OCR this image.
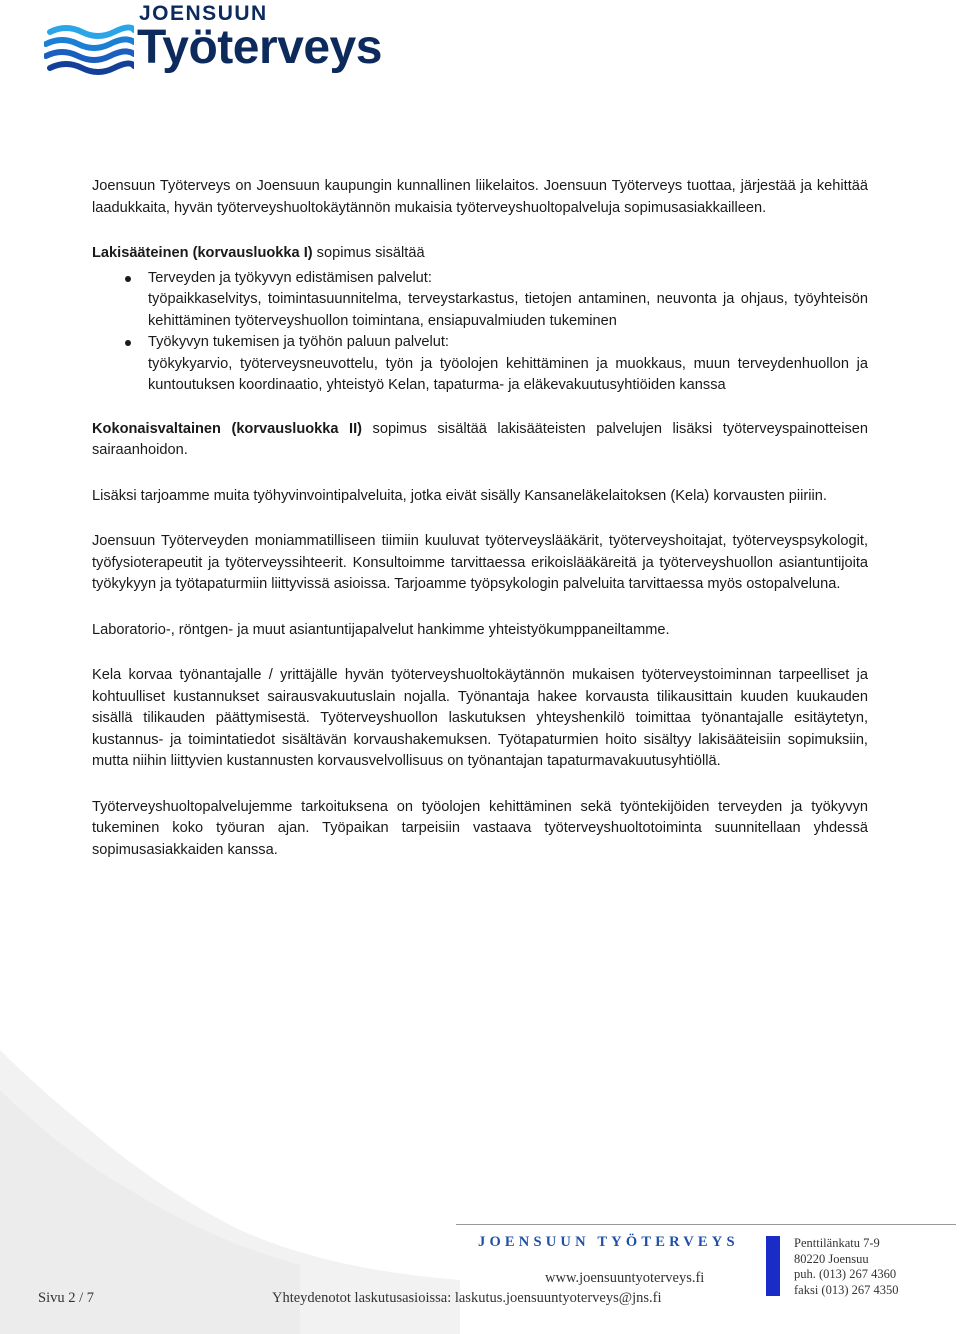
JOENSUUN
Työterveys

Joensuun Työterveys on Joensuun kaupungin kunnallinen liikelaitos. Joensuun Työterveys tuottaa, järjestää ja kehittää laadukkaita, hyvän työterveyshuoltokäytännön mukaisia työterveyshuoltopalveluja sopimusasiakkailleen.

Lakisääteinen (korvausluokka I) sopimus sisältää

Terveyden ja työkyvyn edistämisen palvelut:
työpaikkaselvitys, toimintasuunnitelma, terveystarkastus, tietojen antaminen, neuvonta ja ohjaus, työyhteisön kehittäminen työterveyshuollon toimintana, ensiapuvalmiuden tukeminen
Työkyvyn tukemisen ja työhön paluun palvelut:
työkykyarvio, työterveysneuvottelu, työn ja työolojen kehittäminen ja muokkaus, muun terveydenhuollon ja kuntoutuksen koordinaatio, yhteistyö Kelan, tapaturma- ja eläkevakuutusyhtiöiden kanssa

Kokonaisvaltainen (korvausluokka II) sopimus sisältää lakisääteisten palvelujen lisäksi työterveyspainotteisen sairaanhoidon.

Lisäksi tarjoamme muita työhyvinvointipalveluita, jotka eivät sisälly Kansaneläkelaitoksen (Kela) korvausten piiriin.

Joensuun Työterveyden moniammatilliseen tiimiin kuuluvat työterveyslääkärit, työterveyshoitajat, työterveyspsykologit, työfysioterapeutit ja työterveyssihteerit. Konsultoimme tarvittaessa erikoislääkäreitä ja työterveyshuollon asiantuntijoita työkykyyn ja työtapaturmiin liittyvissä asioissa. Tarjoamme työpsykologin palveluita tarvittaessa myös ostopalveluna.

Laboratorio-, röntgen- ja muut asiantuntijapalvelut hankimme yhteistyökumppaneiltamme.

Kela korvaa työnantajalle / yrittäjälle hyvän työterveyshuoltokäytännön mukaisen työterveystoiminnan tarpeelliset ja kohtuulliset kustannukset sairausvakuutuslain nojalla. Työnantaja hakee korvausta tilikausittain kuuden kuukauden sisällä tilikauden päättymisestä. Työterveyshuollon laskutuksen yhteyshenkilö toimittaa työnantajalle esitäytetyn, kustannus- ja toimintatiedot sisältävän korvaushakemuksen. Työtapaturmien hoito sisältyy lakisääteisiin sopimuksiin, mutta niihin liittyvien kustannusten korvausvelvollisuus on työnantajan tapaturmavakuutusyhtiöllä.

Työterveyshuoltopalvelujemme tarkoituksena on työolojen kehittäminen sekä työntekijöiden terveyden ja työkyvyn tukeminen koko työuran ajan. Työpaikan tarpeisiin vastaava työterveyshuoltotoiminta suunnitellaan yhdessä sopimusasiakkaiden kanssa.

JOENSUUN TYÖTERVEYS
www.joensuuntyoterveys.fi
Yhteydenotot laskutusasioissa: laskutus.joensuuntyoterveys@jns.fi
Sivu 2 / 7
Penttilänkatu 7-9
80220 Joensuu
puh. (013) 267 4360
faksi (013) 267 4350
